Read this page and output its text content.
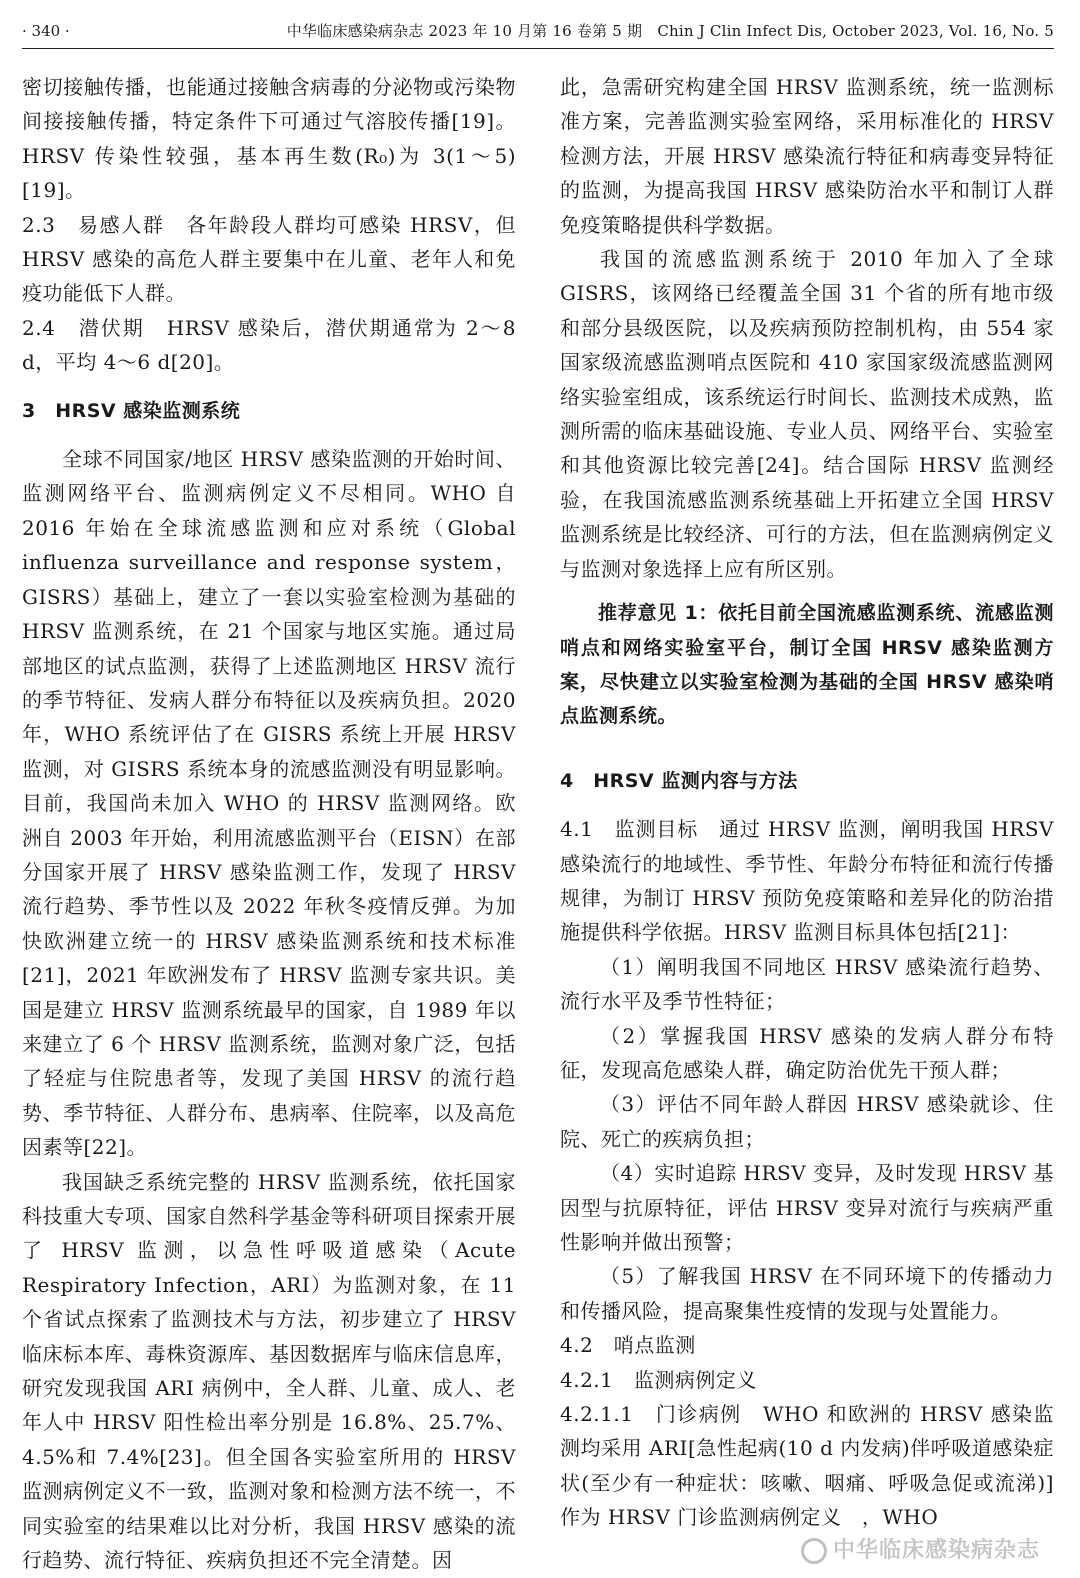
· 340 ·	中华临床感染病杂志 2023 年 10 月第 16 卷第 5 期　Chin J Clin Infect Dis, October 2023, Vol. 16, No. 5

密切接触传播，也能通过接触含病毒的分泌物或污染物间接接触传播，特定条件下可通过气溶胶传播[19]。HRSV 传染性较强，基本再生数(R₀)为 3(1～5)[19]。

2.3　易感人群　各年龄段人群均可感染 HRSV，但 HRSV 感染的高危人群主要集中在儿童、老年人和免疫功能低下人群。

2.4　潜伏期　HRSV 感染后，潜伏期通常为 2～8 d，平均 4～6 d[20]。

3　HRSV 感染监测系统

全球不同国家/地区 HRSV 感染监测的开始时间、监测网络平台、监测病例定义不尽相同。WHO 自 2016 年始在全球流感监测和应对系统（Global influenza surveillance and response system，GISRS）基础上，建立了一套以实验室检测为基础的 HRSV 监测系统，在 21 个国家与地区实施。通过局部地区的试点监测，获得了上述监测地区 HRSV 流行的季节特征、发病人群分布特征以及疾病负担。2020 年，WHO 系统评估了在 GISRS 系统上开展 HRSV 监测，对 GISRS 系统本身的流感监测没有明显影响。目前，我国尚未加入 WHO 的 HRSV 监测网络。欧洲自 2003 年开始，利用流感监测平台（EISN）在部分国家开展了 HRSV 感染监测工作，发现了 HRSV 流行趋势、季节性以及 2022 年秋冬疫情反弹。为加快欧洲建立统一的 HRSV 感染监测系统和技术标准[21]，2021 年欧洲发布了 HRSV 监测专家共识。美国是建立 HRSV 监测系统最早的国家，自 1989 年以来建立了 6 个 HRSV 监测系统，监测对象广泛，包括了轻症与住院患者等，发现了美国 HRSV 的流行趋势、季节特征、人群分布、患病率、住院率，以及高危因素等[22]。

我国缺乏系统完整的 HRSV 监测系统，依托国家科技重大专项、国家自然科学基金等科研项目探索开展了 HRSV 监测，以急性呼吸道感染（Acute Respiratory Infection，ARI）为监测对象，在 11 个省试点探索了监测技术与方法，初步建立了 HRSV 临床标本库、毒株资源库、基因数据库与临床信息库，研究发现我国 ARI 病例中，全人群、儿童、成人、老年人中 HRSV 阳性检出率分别是 16.8%、25.7%、4.5%和 7.4%[23]。但全国各实验室所用的 HRSV 监测病例定义不一致，监测对象和检测方法不统一，不同实验室的结果难以比对分析，我国 HRSV 感染的流行趋势、流行特征、疾病负担还不完全清楚。因

此，急需研究构建全国 HRSV 监测系统，统一监测标准方案，完善监测实验室网络，采用标准化的 HRSV 检测方法，开展 HRSV 感染流行特征和病毒变异特征的监测，为提高我国 HRSV 感染防治水平和制订人群免疫策略提供科学数据。

我国的流感监测系统于 2010 年加入了全球 GISRS，该网络已经覆盖全国 31 个省的所有地市级和部分县级医院，以及疾病预防控制机构，由 554 家国家级流感监测哨点医院和 410 家国家级流感监测网络实验室组成，该系统运行时间长、监测技术成熟，监测所需的临床基础设施、专业人员、网络平台、实验室和其他资源比较完善[24]。结合国际 HRSV 监测经验，在我国流感监测系统基础上开拓建立全国 HRSV 监测系统是比较经济、可行的方法，但在监测病例定义与监测对象选择上应有所区别。

推荐意见 1：依托目前全国流感监测系统、流感监测哨点和网络实验室平台，制订全国 HRSV 感染监测方案，尽快建立以实验室检测为基础的全国 HRSV 感染哨点监测系统。

4　HRSV 监测内容与方法

4.1　监测目标　通过 HRSV 监测，阐明我国 HRSV 感染流行的地域性、季节性、年龄分布特征和流行传播规律，为制订 HRSV 预防免疫策略和差异化的防治措施提供科学依据。HRSV 监测目标具体包括[21]：

（1）阐明我国不同地区 HRSV 感染流行趋势、流行水平及季节性特征；

（2）掌握我国 HRSV 感染的发病人群分布特征，发现高危感染人群，确定防治优先干预人群；

（3）评估不同年龄人群因 HRSV 感染就诊、住院、死亡的疾病负担；

（4）实时追踪 HRSV 变异，及时发现 HRSV 基因型与抗原特征，评估 HRSV 变异对流行与疾病严重性影响并做出预警；

（5）了解我国 HRSV 在不同环境下的传播动力和传播风险，提高聚集性疫情的发现与处置能力。

4.2　哨点监测

4.2.1　监测病例定义

4.2.1.1　门诊病例　WHO 和欧洲的 HRSV 感染监测均采用 ARI[急性起病(10 d 内发病)伴呼吸道感染症状(至少有一种症状：咳嗽、咽痛、呼吸急促或流涕)]作为 HRSV 门诊监测病例定义　，WHO

中华临床感染病杂志
